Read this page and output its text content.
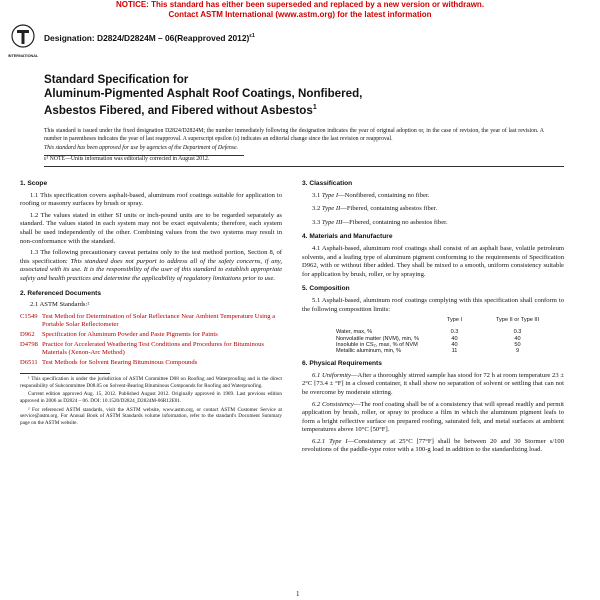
NOTICE: This standard has either been superseded and replaced by a new version or withdrawn.
Contact ASTM International (www.astm.org) for the latest information
INTERNATIONAL
Designation: D2824/D2824M – 06(Reapproved 2012)$^{\varepsilon 1}$
Standard Specification for
Aluminum-Pigmented Asphalt Roof Coatings, Nonfibered,
Asbestos Fibered, and Fibered without Asbestos$^1$
This standard is issued under the fixed designation D2824/D2824M; the number immediately following the designation indicates the year of original adoption or, in the case of revision, the year of last revision. A number in parentheses indicates the year of last reapproval. A superscript epsilon (ε) indicates an editorial change since the last revision or reapproval.
This standard has been approved for use by agencies of the Department of Defense.
ε¹ NOTE—Units information was editorially corrected in August 2012.
1. Scope

1.1 This specification covers asphalt-based, aluminum roof coatings suitable for application to roofing or masonry surfaces by brush or spray.

1.2 The values stated in either SI units or inch-pound units are to be regarded separately as standard. The values stated in each system may not be exact equivalents; therefore, each system shall be used independently of the other. Combining values from the two systems may result in non-conformance with the standard.

1.3 The following precautionary caveat pertains only to the test method portion, Section 8, of this specification: This standard does not purport to address all of the safety concerns, if any, associated with its use. It is the responsibility of the user of this standard to establish appropriate safety and health practices and determine the applicability of regulatory limitations prior to use.

2. Referenced Documents

2.1 ASTM Standards:²

C1549 Test Method for Determination of Solar Reflectance Near Ambient Temperature Using a Portable Solar Reflectometer
D962	Specification for Aluminum Powder and Paste Pigments for Paints
D4798 Practice for Accelerated Weathering Test Conditions and Procedures for Bituminous Materials (Xenon-Arc Method)
D6511 Test Methods for Solvent Bearing Bituminous Compounds

¹ This specification is under the jurisdiction of ASTM Committee D08 on Roofing and Waterproofing and is the direct responsibility of Subcommittee D08.05 on Solvent-Bearing Bituminous Compounds for Roofing and Waterproofing.

Current edition approved Aug. 15, 2012. Published August 2012. Originally approved in 1969. Last previous edition approved in 2006 as D2824 – 06. DOI: 10.1520/D2824_D2824M-06R12E01.

² For referenced ASTM standards, visit the ASTM website, www.astm.org, or contact ASTM Customer Service at service@astm.org. For Annual Book of ASTM Standards volume information, refer to the standard's Document Summary page on the ASTM website.

3. Classification
3.1 Type I—Nonfibered, containing no fiber.
3.2 Type II—Fibered, containing asbestos fiber.
3.3 Type III—Fibered, containing no asbestos fiber.
4. Materials and Manufacture

4.1 Asphalt-based, aluminum roof coatings shall consist of an asphalt base, volatile petroleum solvents, and a leafing type of aluminum pigment conforming to the requirements of Specification D962, with or without fiber added. They shall be mixed to a smooth, uniform consistency suitable for application by brush, roller, or by spraying.

5. Composition

5.1 Asphalt-based, aluminum roof coatings complying with this specification shall conform to the following composition limits:

	Type I	Type II or Type III
Water, max, %	0.3	0.3
Nonvolatile matter (NVM), min, %	40	40
Insoluble in CS₂, max, % of NVM	40	50
Metallic aluminum, min, %	11	9
6. Physical Requirements

6.1 Uniformity—After a thoroughly stirred sample has stood for 72 h at room temperature 23 ± 2°C [73.4 ± °F] in a closed container, it shall show no separation of solvent or settling that can not be overcome by moderate stirring.

6.2 Consistency—The roof coating shall be of a consistency that will spread readily and permit application by brush, roller, or spray to produce a film in which the aluminum pigment leafs to form a bright reflective surface on prepared roofing, saturated felt, and metal surfaces at ambient temperatures above 10°C [50°F].

6.2.1 Type I—Consistency at 25°C [77°F] shall be between 20 and 30 Stormer s/100 revolutions of the paddle-type rotor with a 100-g load in addition to the standardizing load.

1
